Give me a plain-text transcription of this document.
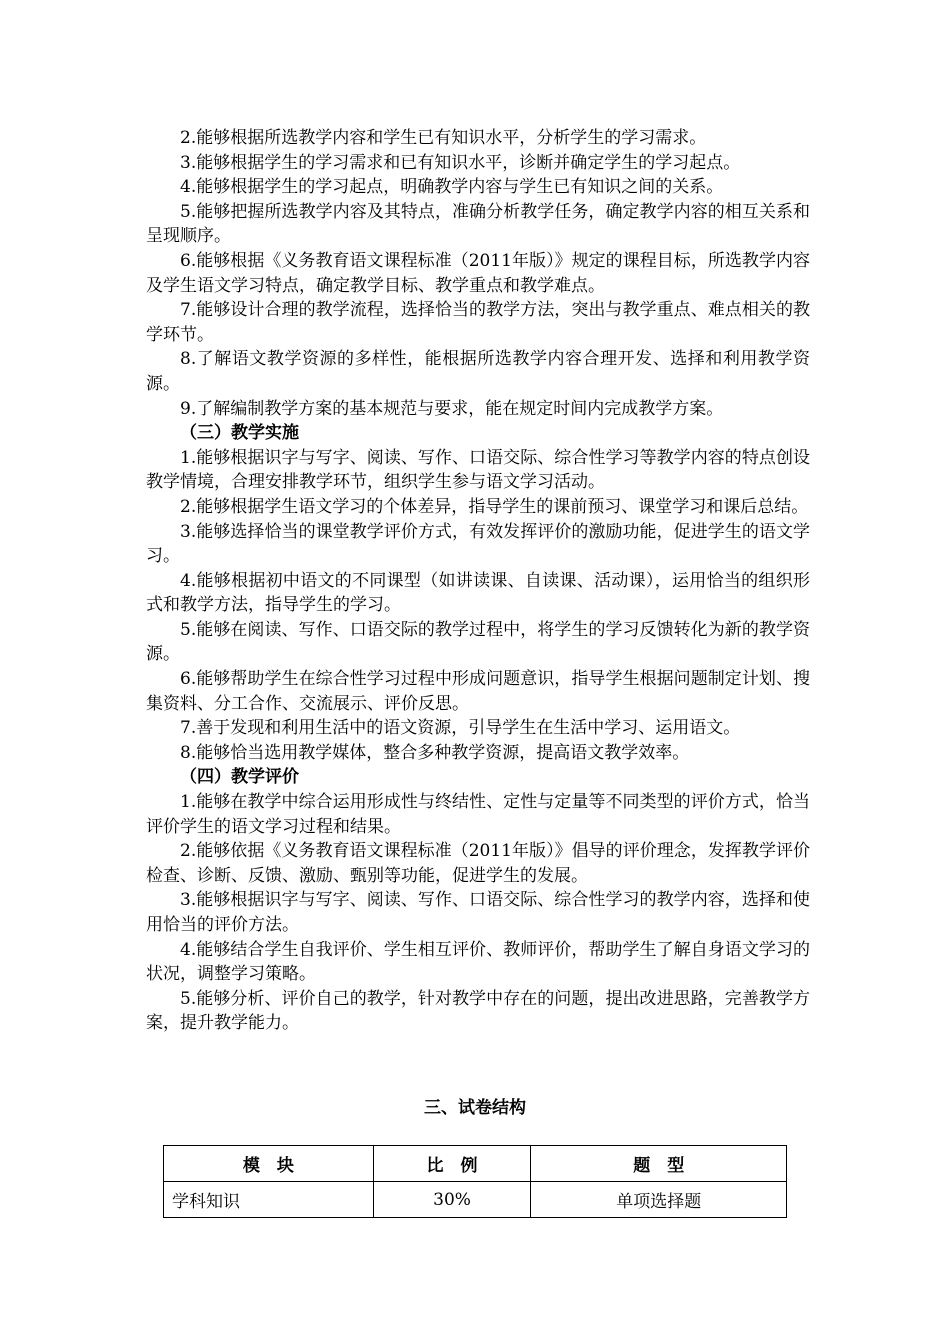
2.能够根据所选教学内容和学生已有知识水平，分析学生的学习需求。

3.能够根据学生的学习需求和已有知识水平，诊断并确定学生的学习起点。

4.能够根据学生的学习起点，明确教学内容与学生已有知识之间的关系。

5.能够把握所选教学内容及其特点，准确分析教学任务，确定教学内容的相互关系和呈现顺序。

6.能够根据《义务教育语文课程标准（2011年版）》规定的课程目标，所选教学内容及学生语文学习特点，确定教学目标、教学重点和教学难点。

7.能够设计合理的教学流程，选择恰当的教学方法，突出与教学重点、难点相关的教学环节。

8.了解语文教学资源的多样性，能根据所选教学内容合理开发、选择和利用教学资源。

9.了解编制教学方案的基本规范与要求，能在规定时间内完成教学方案。

（三）教学实施

1.能够根据识字与写字、阅读、写作、口语交际、综合性学习等教学内容的特点创设教学情境，合理安排教学环节，组织学生参与语文学习活动。

2.能够根据学生语文学习的个体差异，指导学生的课前预习、课堂学习和课后总结。

3.能够选择恰当的课堂教学评价方式，有效发挥评价的激励功能，促进学生的语文学习。

4.能够根据初中语文的不同课型（如讲读课、自读课、活动课），运用恰当的组织形式和教学方法，指导学生的学习。

5.能够在阅读、写作、口语交际的教学过程中，将学生的学习反馈转化为新的教学资源。

6.能够帮助学生在综合性学习过程中形成问题意识，指导学生根据问题制定计划、搜集资料、分工合作、交流展示、评价反思。

7.善于发现和利用生活中的语文资源，引导学生在生活中学习、运用语文。

8.能够恰当选用教学媒体，整合多种教学资源，提高语文教学效率。

（四）教学评价

1.能够在教学中综合运用形成性与终结性、定性与定量等不同类型的评价方式，恰当评价学生的语文学习过程和结果。

2.能够依据《义务教育语文课程标准（2011年版）》倡导的评价理念，发挥教学评价检查、诊断、反馈、激励、甄别等功能，促进学生的发展。

3.能够根据识字与写字、阅读、写作、口语交际、综合性学习的教学内容，选择和使用恰当的评价方法。

4.能够结合学生自我评价、学生相互评价、教师评价，帮助学生了解自身语文学习的状况，调整学习策略。

5.能够分析、评价自己的教学，针对教学中存在的问题，提出改进思路，完善教学方案，提升教学能力。

三、试卷结构
模　块	比　例	题　型
学科知识	30%	单项选择题
